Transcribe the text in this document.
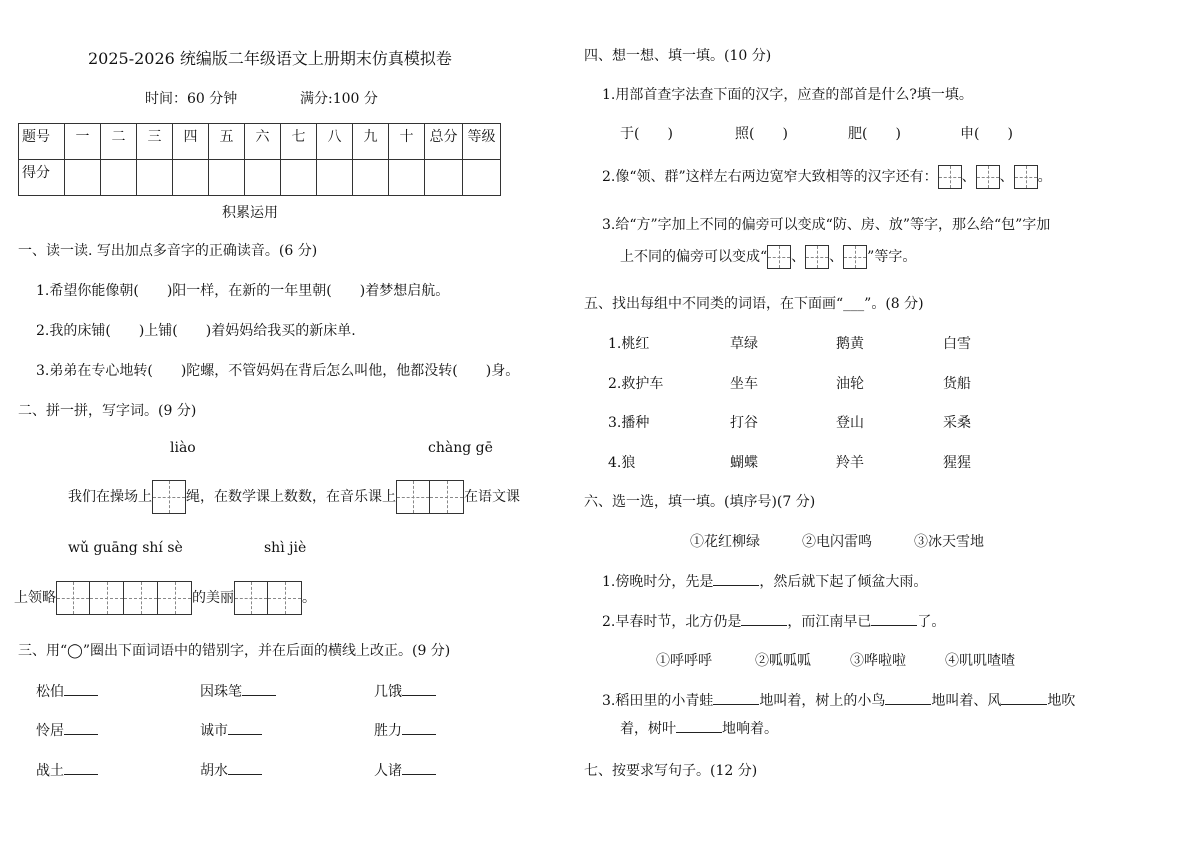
2025-2026 统编版二年级语文上册期末仿真模拟卷
时间：60 分钟	满分:100 分
题号	一	二	三	四	五	六	七	八	九	十	总分	等级
得分												
积累运用
一、读一读. 写出加点多音字的正确读音。(6 分)
1.希望你能像朝(　　)阳一样，在新的一年里朝(　　)着梦想启航。
2.我的床铺(　　)上铺(　　)着妈妈给我买的新床单.
3.弟弟在专心地转(　　)陀螺，不管妈妈在背后怎么叫他，他都没转(　　)身。
二、拼一拼，写字词。(9 分)
liào	chàng gē
我们在操场上 绳，在数学课上数数，在音乐课上	在语文课
wǔ guāng shí sè	shì jiè
上领略	的美丽	。
三、用“◯”圈出下面词语中的错别字，并在后面的横线上改正。(9 分)
松伯	因珠笔	几饿
怜居	诚市	胜力
战土	胡水	人诸
四、想一想、填一填。(10 分)
1.用部首查字法查下面的汉字，应查的部首是什么?填一填。
于(　　)	照(　　)	肥(　　)	申(　　)
2.像“领、群”这样左右两边宽窄大致相等的汉字还有： 、 、 。
3.给“方”字加上不同的偏旁可以变成“防、房、放”等字，那么给“包”字加
上不同的偏旁可以变成“ 、 、 ”等字。
五、找出每组中不同类的词语，在下面画“___”。(8 分)
1.桃红	草绿	鹅黄	白雪
2.救护车	坐车	油轮	货船
3.播种	打谷	登山	采桑
4.狼	蝴蝶	羚羊	猩猩
六、选一选，填一填。(填序号)(7 分)
①花红柳绿	②电闪雷鸣	③冰天雪地
1.傍晚时分，先是	，然后就下起了倾盆大雨。
2.早春时节，北方仍是	，而江南早已	了。
①呼呼呼	②呱呱呱	③哗啦啦	④叽叽喳喳
3.稻田里的小青蛙	地叫着，树上的小鸟	地叫着、风	地吹
着，树叶	地响着。
七、按要求写句子。(12 分)
